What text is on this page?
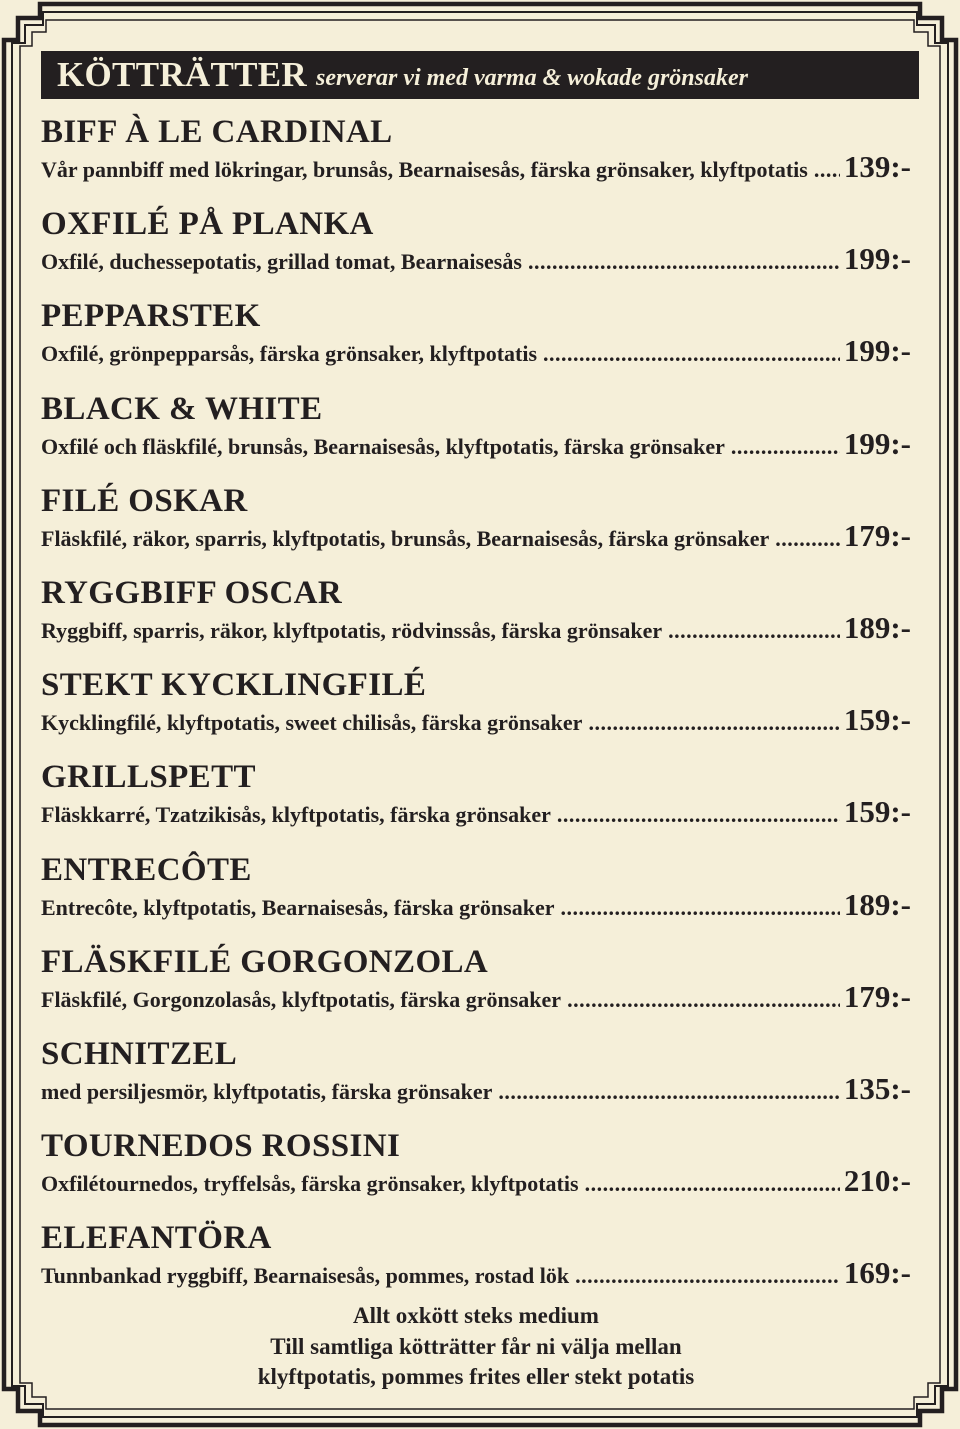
KÖTTRÄTTER serverar vi med varma & wokade grönsaker
BIFF À LE CARDINAL
Vår pannbiff med lökringar, brunsås, Bearnaisesås, färska grönsaker, klyftpotatis ..... 139:-
OXFILÉ PÅ PLANKA
Oxfilé, duchessepotatis, grillad tomat, Bearnaisesås .....	199:-
PEPPARSTEK
Oxfilé, grönpepparsås, färska grönsaker, klyftpotatis .....	199:-
BLACK & WHITE
Oxfilé och fläskfilé, brunsås, Bearnaisesås, klyftpotatis, färska grönsaker .....	199:-
FILÉ OSKAR
Fläskfilé, räkor, sparris, klyftpotatis, brunsås, Bearnaisesås, färska grönsaker ..... 179:-
RYGGBIFF OSCAR
Ryggbiff, sparris, räkor, klyftpotatis, rödvinssås, färska grönsaker .....	189:-
STEKT KYCKLINGFILÉ
Kycklingfilé, klyftpotatis, sweet chilisås, färska grönsaker .....	159:-
GRILLSPETT
Fläskkarré, Tzatzikisås, klyftpotatis, färska grönsaker .....	159:-
ENTRECÔTE
Entrecôte, klyftpotatis, Bearnaisesås, färska grönsaker .....	189:-
FLÄSKFILÉ GORGONZOLA
Fläskfilé, Gorgonzolasås, klyftpotatis, färska grönsaker .....	179:-
SCHNITZEL
med persiljesmör, klyftpotatis, färska grönsaker .....	135:-
TOURNEDOS ROSSINI
Oxfilétournedos, tryffelsås, färska grönsaker, klyftpotatis .....	210:-
ELEFANTÖRA
Tunnbankad ryggbiff, Bearnaisesås, pommes, rostad lök .....	169:-
Allt oxkött steks medium
Till samtliga kötträtter får ni välja mellan
klyftpotatis, pommes frites eller stekt potatis
